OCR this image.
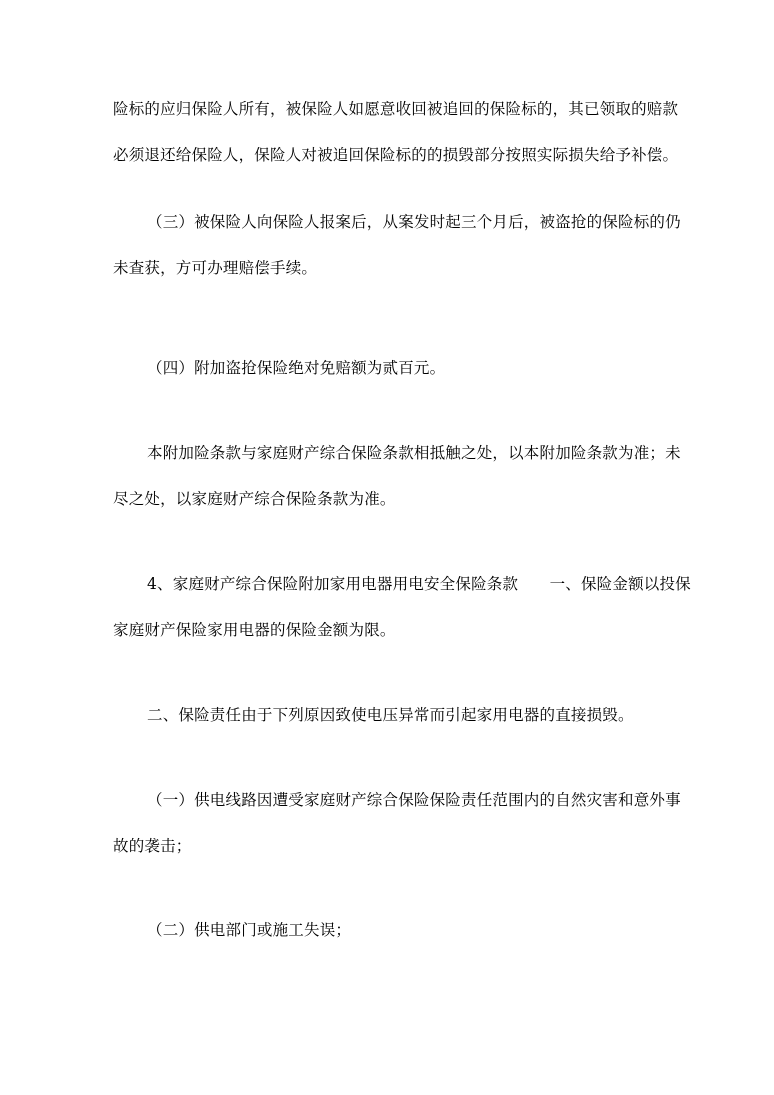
险标的应归保险人所有，被保险人如愿意收回被追回的保险标的，其已领取的赔款
必须退还给保险人，保险人对被追回保险标的的损毁部分按照实际损失给予补偿。
（三）被保险人向保险人报案后，从案发时起三个月后，被盗抢的保险标的仍
未查获，方可办理赔偿手续。
（四）附加盗抢保险绝对免赔额为贰百元。
本附加险条款与家庭财产综合保险条款相抵触之处，以本附加险条款为准；未
尽之处，以家庭财产综合保险条款为准。
4、家庭财产综合保险附加家用电器用电安全保险条款　　一、保险金额以投保
家庭财产保险家用电器的保险金额为限。
二、保险责任由于下列原因致使电压异常而引起家用电器的直接损毁。
（一）供电线路因遭受家庭财产综合保险保险责任范围内的自然灾害和意外事
故的袭击；
（二）供电部门或施工失误；
